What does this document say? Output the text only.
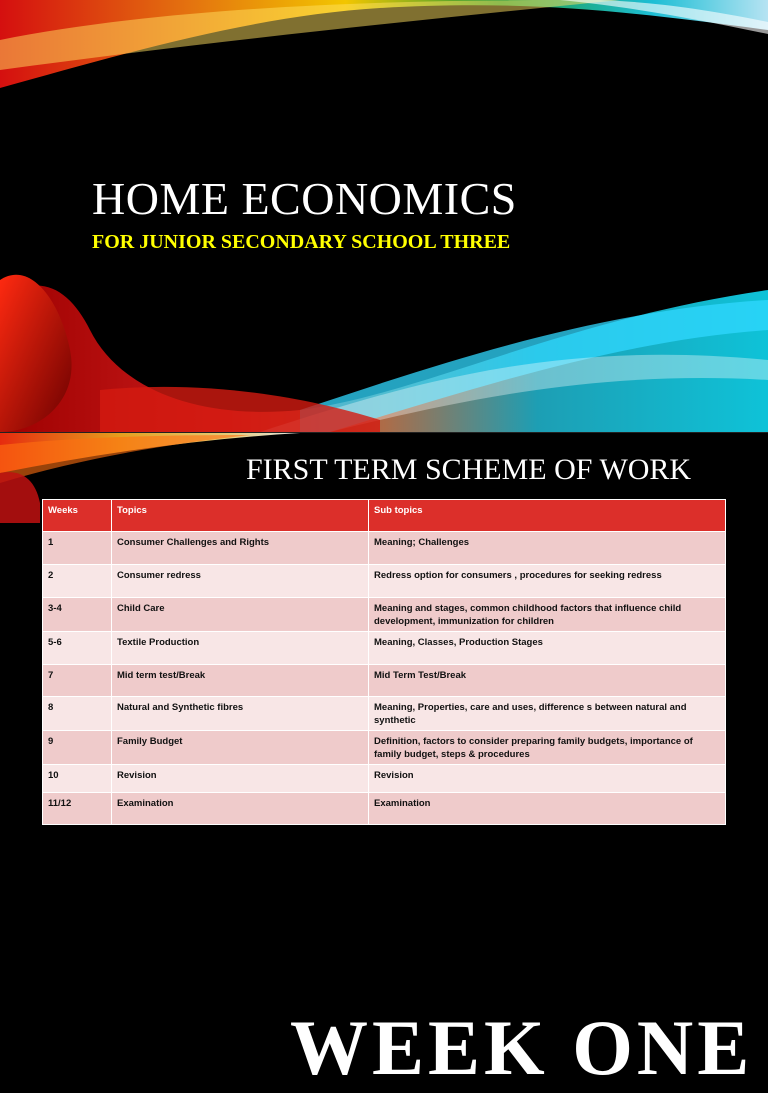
HOME ECONOMICS
FOR JUNIOR SECONDARY SCHOOL THREE
FIRST TERM SCHEME OF WORK
Weeks	Topics	Sub topics
1	Consumer Challenges and Rights	Meaning; Challenges
2	Consumer redress	Redress option for consumers , procedures for seeking redress
3-4	Child Care	Meaning and stages, common childhood factors that influence child development, immunization for children
5-6	Textile Production	Meaning, Classes, Production Stages
7	Mid term test/Break	Mid Term Test/Break
8	Natural and Synthetic fibres	Meaning, Properties, care and uses, difference s between natural and synthetic
9	Family Budget	Definition, factors to consider preparing family budgets, importance of family budget, steps & procedures
10	Revision	Revision
11/12	Examination	Examination
WEEK ONE
